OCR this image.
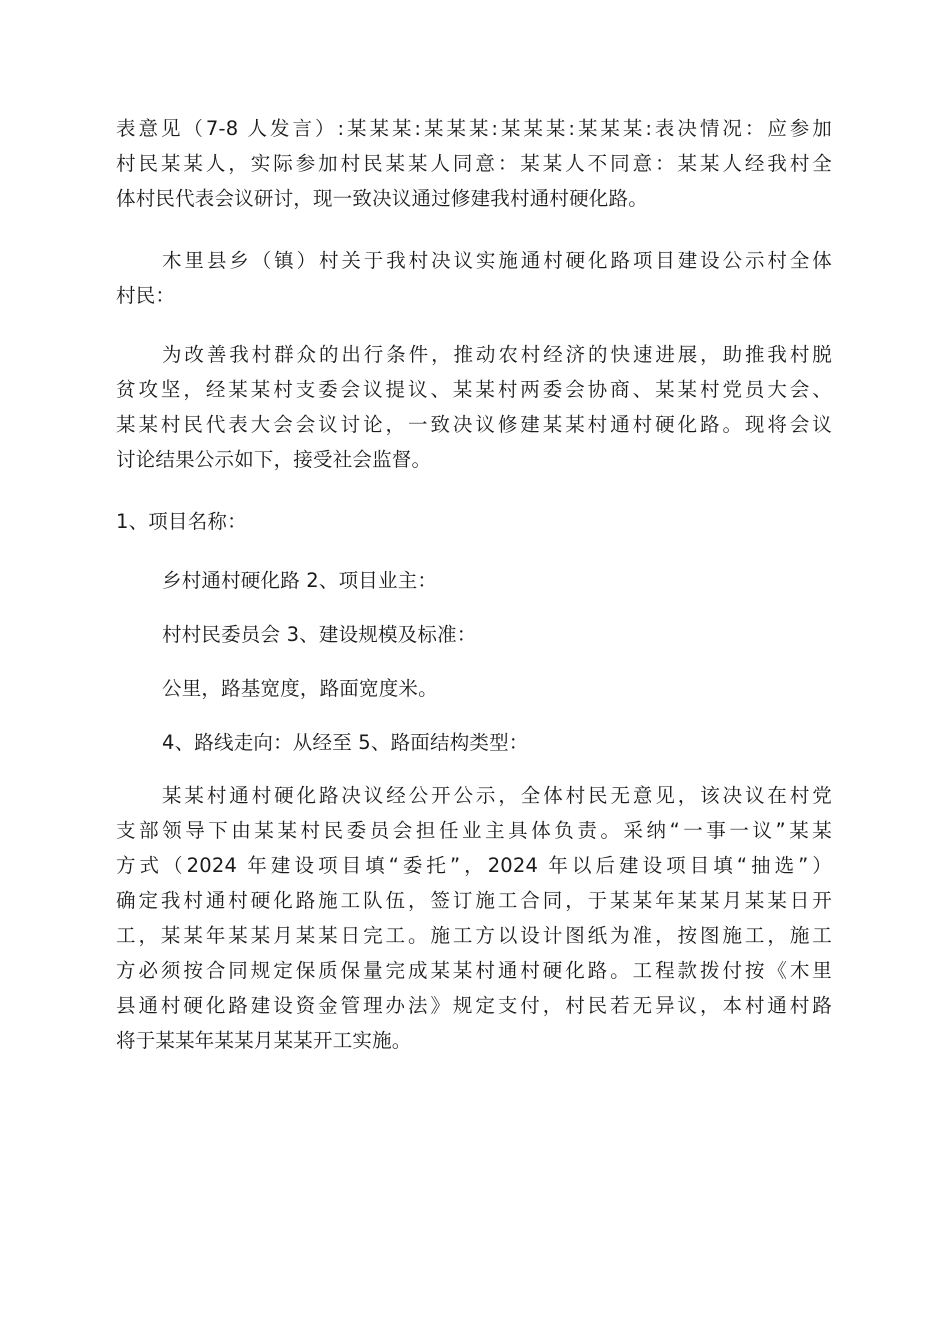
表意见（7-8 人发言）:某某某:某某某:某某某:某某某:表决情况：应参加
村民某某人，实际参加村民某某人同意：某某人不同意：某某人经我村全
体村民代表会议研讨，现一致决议通过修建我村通村硬化路。
木里县乡（镇）村关于我村决议实施通村硬化路项目建设公示村全体
村民：
为改善我村群众的出行条件，推动农村经济的快速进展，助推我村脱
贫攻坚，经某某村支委会议提议、某某村两委会协商、某某村党员大会、
某某村民代表大会会议讨论，一致决议修建某某村通村硬化路。现将会议
讨论结果公示如下，接受社会监督。
1、项目名称：
乡村通村硬化路 2、项目业主：
村村民委员会 3、建设规模及标准：
公里，路基宽度，路面宽度米。
4、路线走向：从经至 5、路面结构类型：
某某村通村硬化路决议经公开公示，全体村民无意见，该决议在村党
支部领导下由某某村民委员会担任业主具体负责。采纳“一事一议”某某
方式（2024 年建设项目填“委托”，2024 年以后建设项目填“抽选”）
确定我村通村硬化路施工队伍，签订施工合同，于某某年某某月某某日开
工，某某年某某月某某日完工。施工方以设计图纸为准，按图施工，施工
方必须按合同规定保质保量完成某某村通村硬化路。工程款拨付按《木里
县通村硬化路建设资金管理办法》规定支付，村民若无异议，本村通村路
将于某某年某某月某某开工实施。
